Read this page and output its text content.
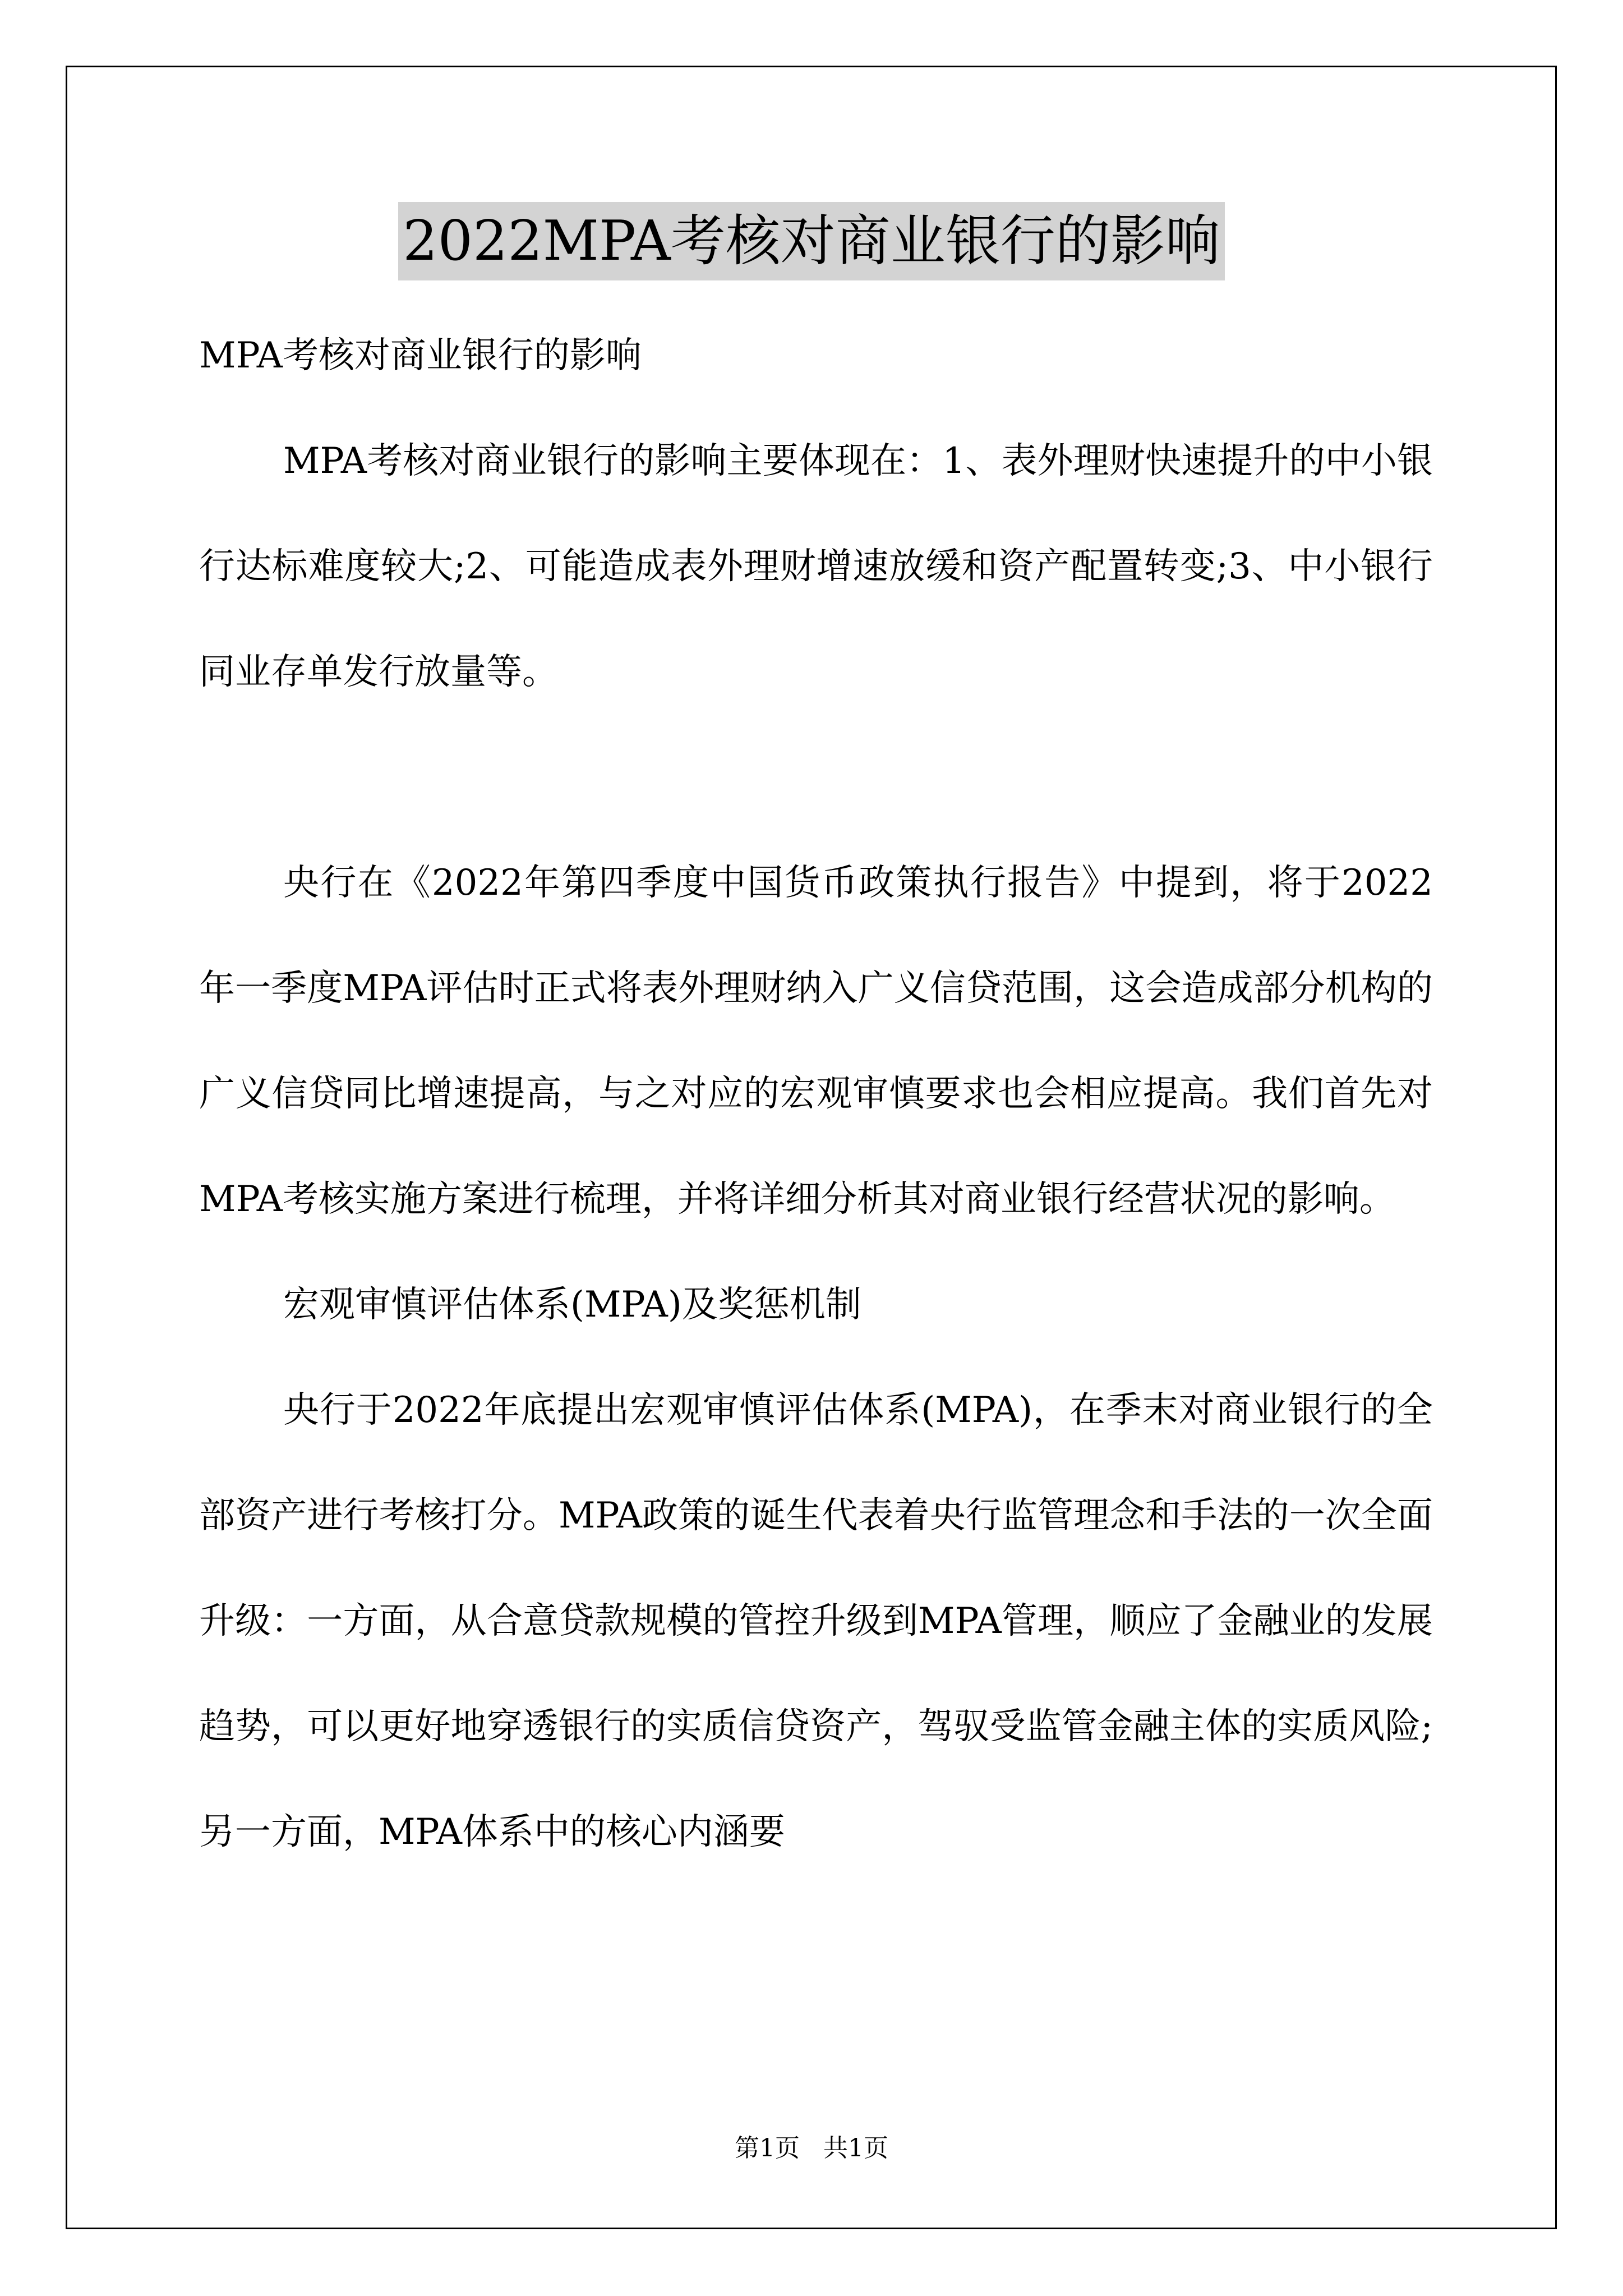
2022MPA考核对商业银行的影响

MPA考核对商业银行的影响

MPA考核对商业银行的影响主要体现在：1、表外理财快速提升的中小银行达标难度较大;2、可能造成表外理财增速放缓和资产配置转变;3、中小银行同业存单发行放量等。

央行在《2022年第四季度中国货币政策执行报告》中提到，将于2022年一季度MPA评估时正式将表外理财纳入广义信贷范围，这会造成部分机构的广义信贷同比增速提高，与之对应的宏观审慎要求也会相应提高。我们首先对MPA考核实施方案进行梳理，并将详细分析其对商业银行经营状况的影响。

宏观审慎评估体系(MPA)及奖惩机制

央行于2022年底提出宏观审慎评估体系(MPA)，在季末对商业银行的全部资产进行考核打分。MPA政策的诞生代表着央行监管理念和手法的一次全面升级：一方面，从合意贷款规模的管控升级到MPA管理，顺应了金融业的发展趋势，可以更好地穿透银行的实质信贷资产，驾驭受监管金融主体的实质风险;另一方面，MPA体系中的核心内涵要

第1页 共1页
